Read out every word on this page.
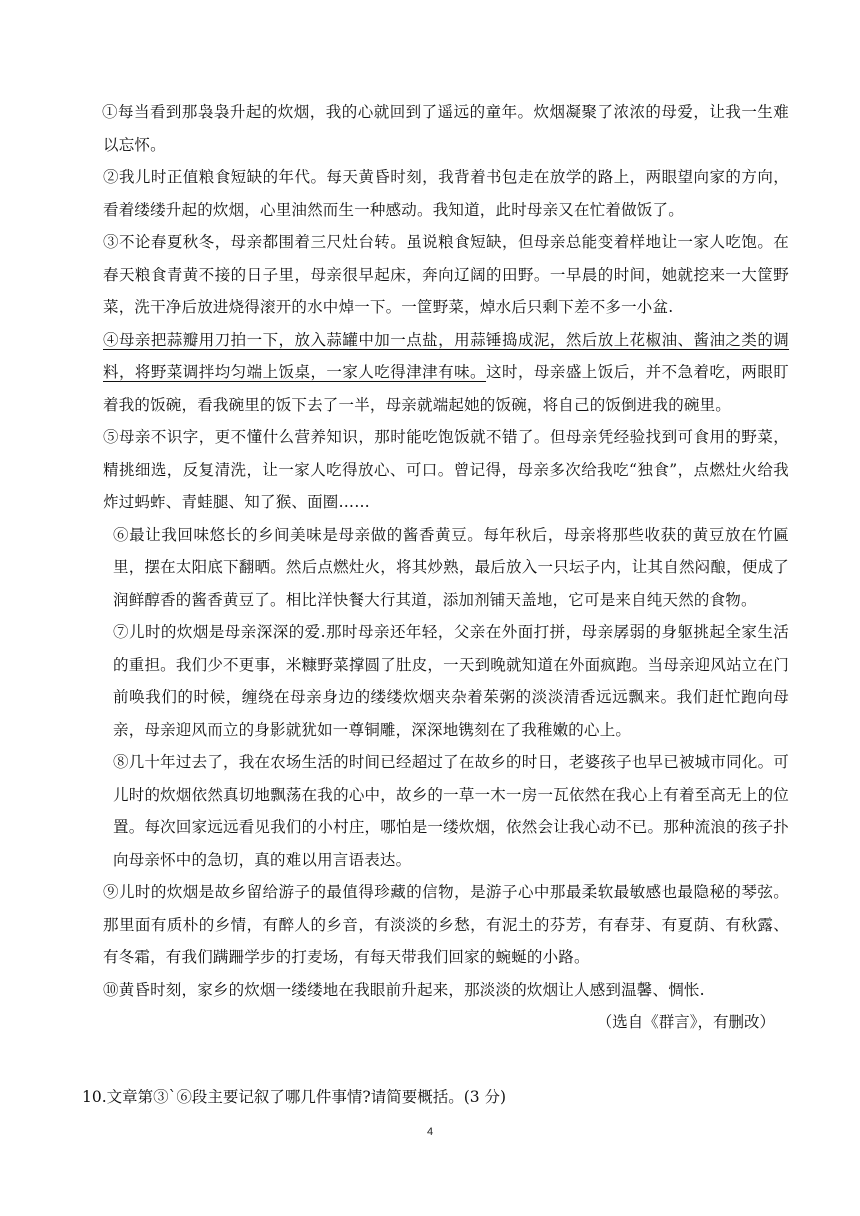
①每当看到那袅袅升起的炊烟，我的心就回到了遥远的童年。炊烟凝聚了浓浓的母爱，让我一生难以忘怀。

②我儿时正值粮食短缺的年代。每天黄昏时刻，我背着书包走在放学的路上，两眼望向家的方向，看着缕缕升起的炊烟，心里油然而生一种感动。我知道，此时母亲又在忙着做饭了。

③不论春夏秋冬，母亲都围着三尺灶台转。虽说粮食短缺，但母亲总能变着样地让一家人吃饱。在春天粮食青黄不接的日子里，母亲很早起床，奔向辽阔的田野。一早晨的时间，她就挖来一大筐野菜，洗干净后放进烧得滚开的水中焯一下。一筐野菜，焯水后只剩下差不多一小盆.

④母亲把蒜瓣用刀拍一下，放入蒜罐中加一点盐，用蒜锤捣成泥，然后放上花椒油、酱油之类的调料，将野菜调拌均匀端上饭桌，一家人吃得津津有味。这时，母亲盛上饭后，并不急着吃，两眼盯着我的饭碗，看我碗里的饭下去了一半，母亲就端起她的饭碗，将自己的饭倒进我的碗里。

⑤母亲不识字，更不懂什么营养知识，那时能吃饱饭就不错了。但母亲凭经验找到可食用的野菜，精挑细选，反复清洗，让一家人吃得放心、可口。曾记得，母亲多次给我吃“独食”，点燃灶火给我炸过蚂蚱、青蛙腿、知了猴、面圈……

⑥最让我回味悠长的乡间美味是母亲做的酱香黄豆。每年秋后，母亲将那些收获的黄豆放在竹匾里，摆在太阳底下翻晒。然后点燃灶火，将其炒熟，最后放入一只坛子内，让其自然闷酿，便成了润鲜醇香的酱香黄豆了。相比洋快餐大行其道，添加剂铺天盖地，它可是来自纯天然的食物。

⑦儿时的炊烟是母亲深深的爱.那时母亲还年轻，父亲在外面打拼，母亲孱弱的身躯挑起全家生活的重担。我们少不更事，米糠野菜撑圆了肚皮，一天到晚就知道在外面疯跑。当母亲迎风站立在门前唤我们的时候，缠绕在母亲身边的缕缕炊烟夹杂着茱粥的淡淡清香远远飘来。我们赶忙跑向母亲，母亲迎风而立的身影就犹如一尊铜雕，深深地镌刻在了我稚嫩的心上。

⑧几十年过去了，我在农场生活的时间已经超过了在故乡的时日，老婆孩子也早已被城市同化。可儿时的炊烟依然真切地飘荡在我的心中，故乡的一草一木一房一瓦依然在我心上有着至高无上的位置。每次回家远远看见我们的小村庄，哪怕是一缕炊烟，依然会让我心动不已。那种流浪的孩子扑向母亲怀中的急切，真的难以用言语表达。

⑨儿时的炊烟是故乡留给游子的最值得珍藏的信物，是游子心中那最柔软最敏感也最隐秘的琴弦。那里面有质朴的乡情，有醉人的乡音，有淡淡的乡愁，有泥土的芬芳，有春芽、有夏荫、有秋露、有冬霜，有我们蹒跚学步的打麦场，有每天带我们回家的蜿蜒的小路。

⑩黄昏时刻，家乡的炊烟一缕缕地在我眼前升起来，那淡淡的炊烟让人感到温馨、惆怅.

（选自《群言》，有删改）

10.文章第③`⑥段主要记叙了哪几件事情?请简要概括。(3 分)

4
